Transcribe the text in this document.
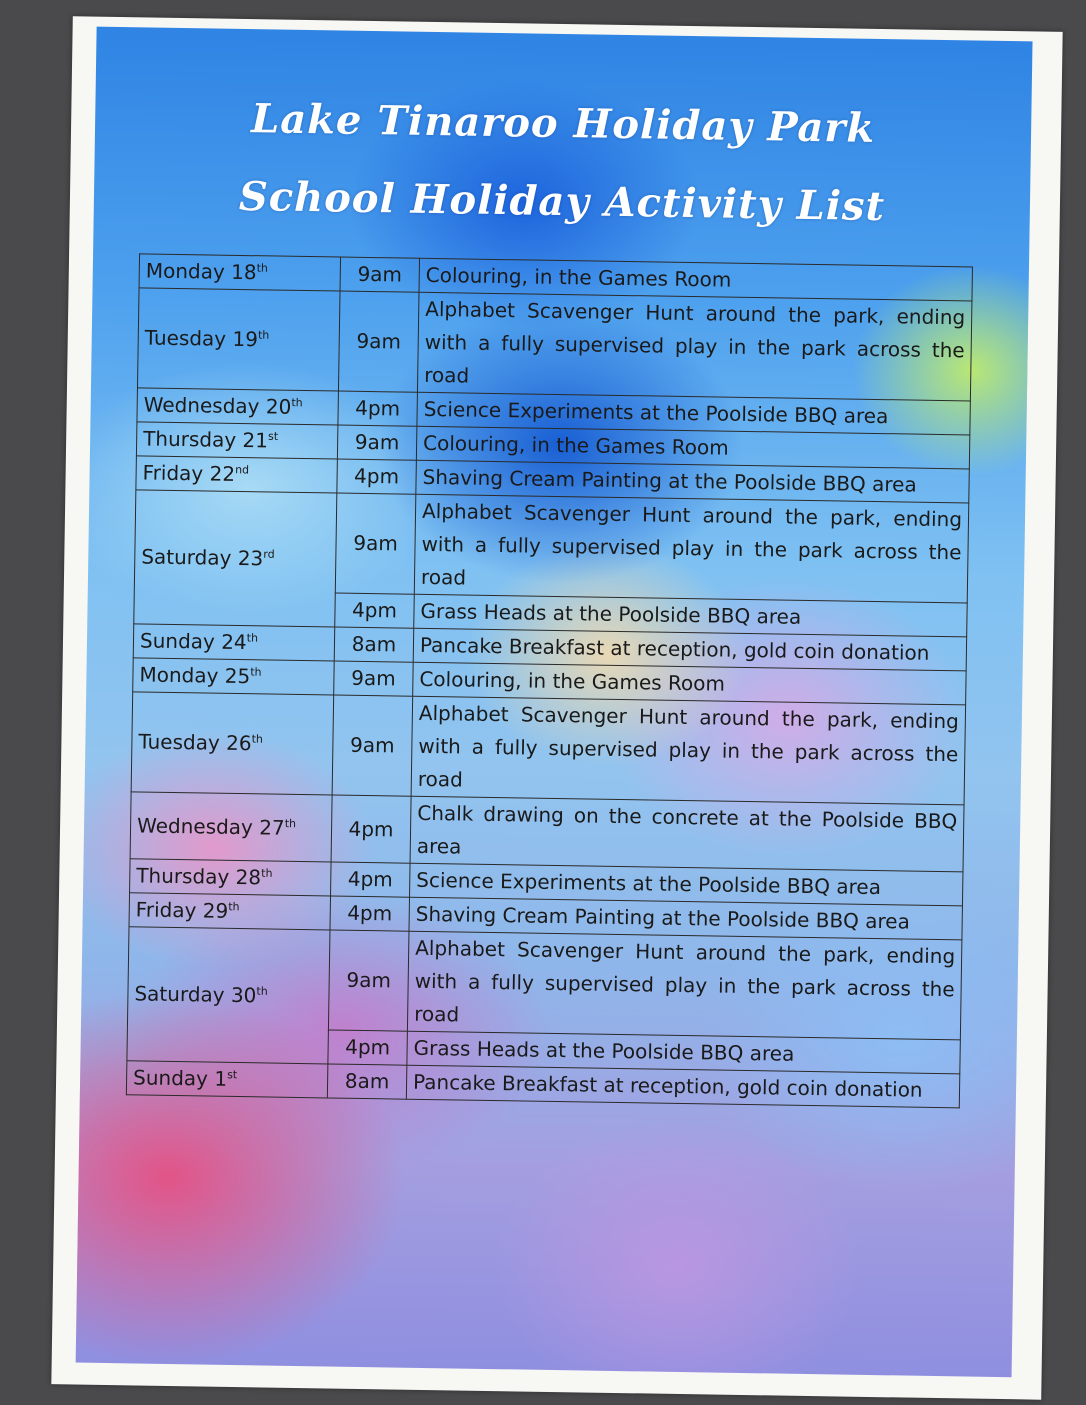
Lake Tinaroo Holiday Park
School Holiday Activity List
Monday 18th	9am	Colouring, in the Games Room
Tuesday 19th	9am	Alphabet Scavenger Hunt around the park, ending with a fully supervised play in the park across the road
Wednesday 20th	4pm	Science Experiments at the Poolside BBQ area
Thursday 21st	9am	Colouring, in the Games Room
Friday 22nd	4pm	Shaving Cream Painting at the Poolside BBQ area
Saturday 23rd	9am	Alphabet Scavenger Hunt around the park, ending with a fully supervised play in the park across the road
	4pm	Grass Heads at the Poolside BBQ area
Sunday 24th	8am	Pancake Breakfast at reception, gold coin donation
Monday 25th	9am	Colouring, in the Games Room
Tuesday 26th	9am	Alphabet Scavenger Hunt around the park, ending with a fully supervised play in the park across the road
Wednesday 27th	4pm	Chalk drawing on the concrete at the Poolside BBQ area
Thursday 28th	4pm	Science Experiments at the Poolside BBQ area
Friday 29th	4pm	Shaving Cream Painting at the Poolside BBQ area
Saturday 30th	9am	Alphabet Scavenger Hunt around the park, ending with a fully supervised play in the park across the road
	4pm	Grass Heads at the Poolside BBQ area
Sunday 1st	8am	Pancake Breakfast at reception, gold coin donation
